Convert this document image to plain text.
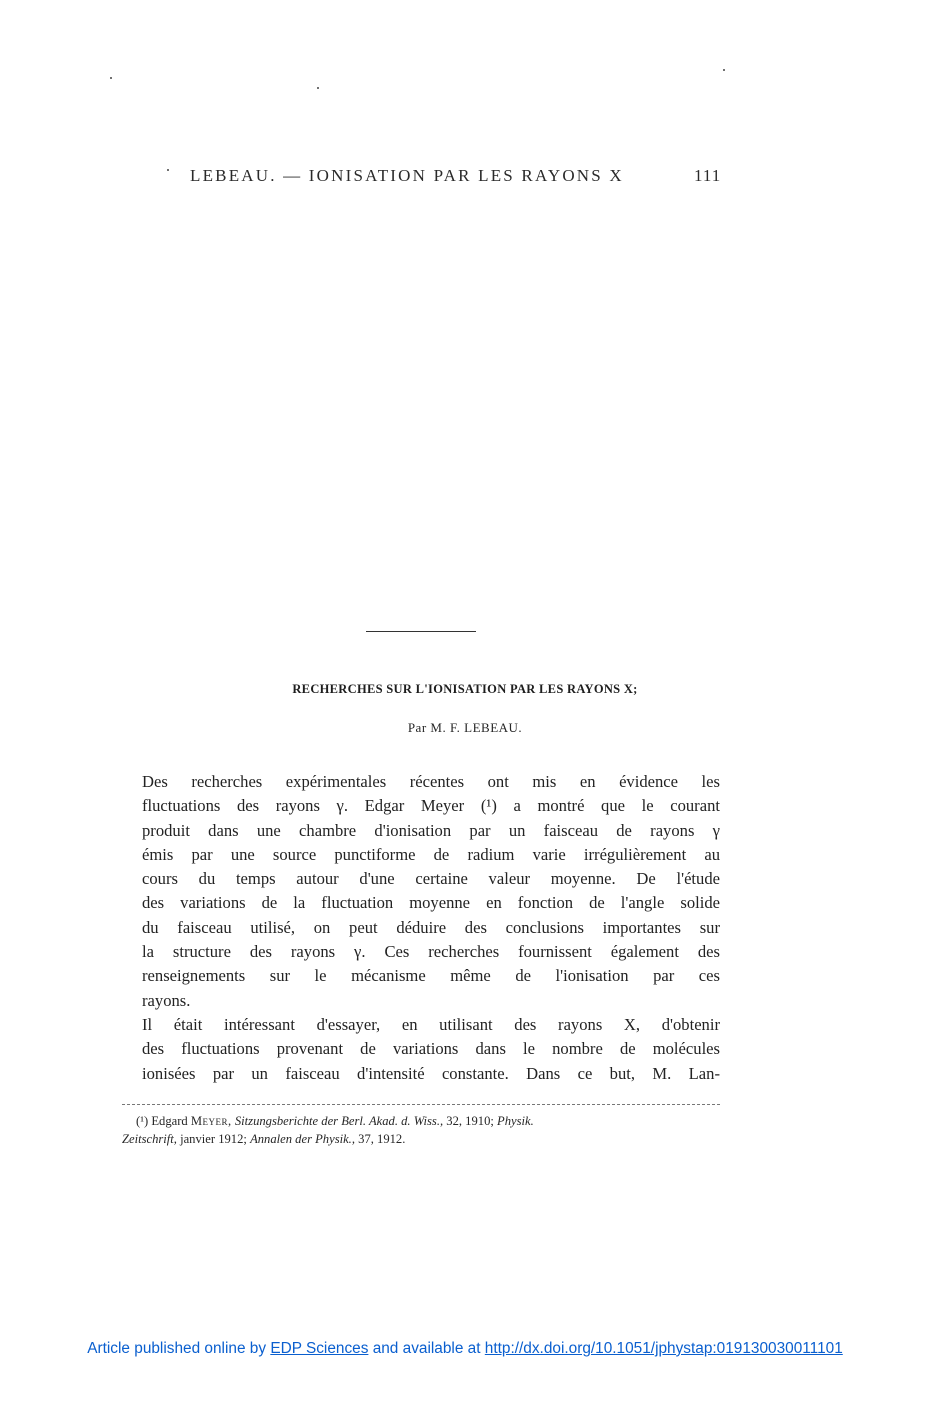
LEBEAU. — IONISATION PAR LES RAYONS X	111
RECHERCHES SUR L'IONISATION PAR LES RAYONS X;
Par M. F. LEBEAU.

Des recherches expérimentales récentes ont mis en évidence les
fluctuations des rayons γ. Edgar Meyer (¹) a montré que le courant
produit dans une chambre d'ionisation par un faisceau de rayons γ
émis par une source punctiforme de radium varie irrégulièrement au
cours du temps autour d'une certaine valeur moyenne. De l'étude
des variations de la fluctuation moyenne en fonction de l'angle solide
du faisceau utilisé, on peut déduire des conclusions importantes sur
la structure des rayons γ. Ces recherches fournissent également des
renseignements sur le mécanisme même de l'ionisation par ces
rayons.

Il était intéressant d'essayer, en utilisant des rayons X, d'obtenir
des fluctuations provenant de variations dans le nombre de molécules
ionisées par un faisceau d'intensité constante. Dans ce but, M. Lan-

(¹) Edgard Meyer, Sitzungsberichte der Berl. Akad. d. Wiss., 32, 1910; Physik.
Zeitschrift, janvier 1912; Annalen der Physik., 37, 1912.
Article published online by EDP Sciences and available at http://dx.doi.org/10.1051/jphystap:019130030011101
